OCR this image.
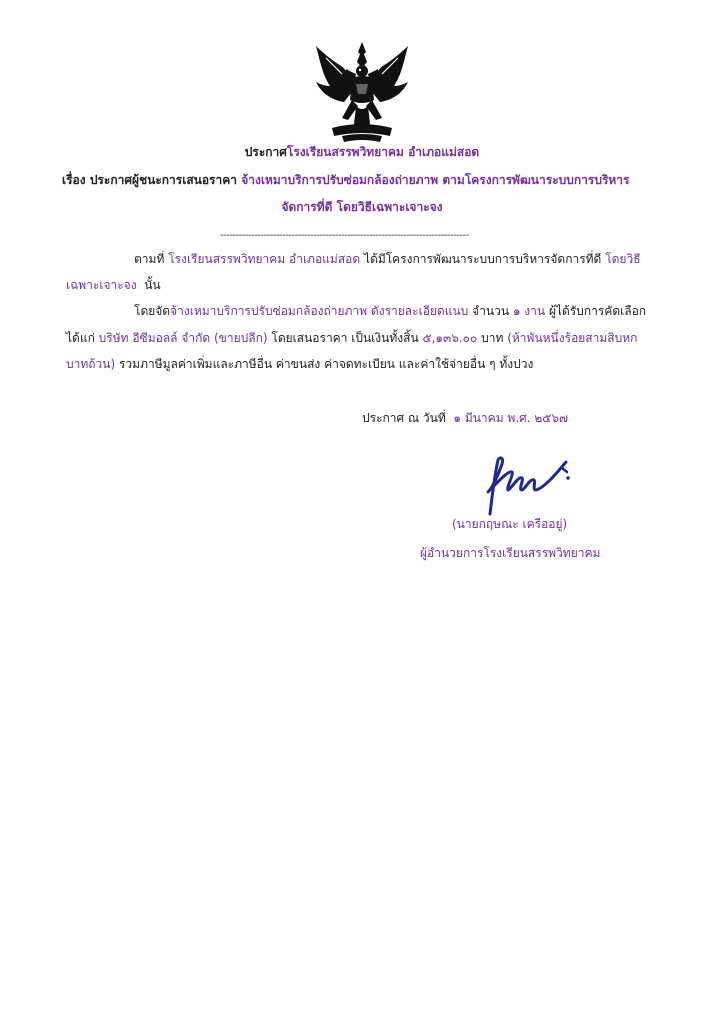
ประกาศโรงเรียนสรรพวิทยาคม อำเภอแม่สอด
เรื่อง ประกาศผู้ชนะการเสนอราคา จ้างเหมาบริการปรับซ่อมกล้องถ่ายภาพ ตามโครงการพัฒนาระบบการบริหาร
จัดการที่ดี โดยวิธีเฉพาะเจาะจง
--------------------------------------------------------------------------------
ตามที่ โรงเรียนสรรพวิทยาคม อำเภอแม่สอด ได้มีโครงการพัฒนาระบบการบริหารจัดการที่ดี โดยวิธี
เฉพาะเจาะจง นั้น
โดยจัดจ้างเหมาบริการปรับซ่อมกล้องถ่ายภาพ ดังรายละเอียดแนบ จำนวน ๑ งาน ผู้ได้รับการคัดเลือก
ได้แก่ บริษัท อีซีมอลล์ จำกัด (ขายปลีก) โดยเสนอราคา เป็นเงินทั้งสิ้น ๕,๑๓๖.๐๐ บาท (ห้าพันหนึ่งร้อยสามสิบหก
บาทถ้วน) รวมภาษีมูลค่าเพิ่มและภาษีอื่น ค่าขนส่ง ค่าจดทะเบียน และค่าใช้จ่ายอื่น ๆ ทั้งปวง
ประกาศ ณ วันที่ ๑ มีนาคม พ.ศ. ๒๕๖๗
(นายกฤษณะ เครืออยู่)
ผู้อำนวยการโรงเรียนสรรพวิทยาคม
